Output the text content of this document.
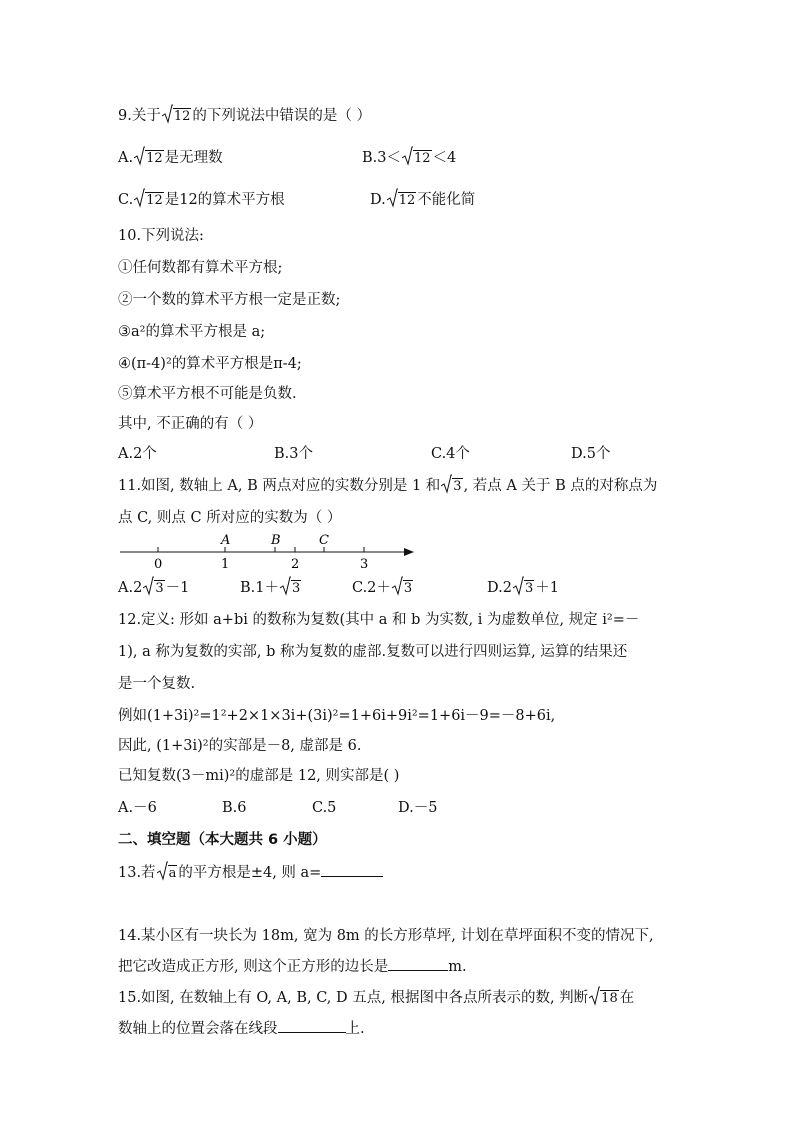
9.关于 12 的下列说法中错误的是（ ）
A. 12 是无理数	B.3＜ 12 ＜4
C. 12 是12的算术平方根	D. 12 不能化简
10.下列说法:
①任何数都有算术平方根;
②一个数的算术平方根一定是正数;
③a²的算术平方根是 a;
④(π-4)²的算术平方根是π-4;
⑤算术平方根不可能是负数.
其中, 不正确的有（ ）
A.2个	B.3个	C.4个	D.5个
11.如图, 数轴上 A, B 两点对应的实数分别是 1 和 3 , 若点 A 关于 B 点的对称点为
点 C, 则点 C 所对应的实数为（ ）
A	B	C
0	1	2	3
A.2 3 －1	B.1＋ 3	C.2＋ 3	D.2 3 ＋1
12.定义: 形如 a+bi 的数称为复数(其中 a 和 b 为实数, i 为虚数单位, 规定 i²=－
1), a 称为复数的实部, b 称为复数的虚部.复数可以进行四则运算, 运算的结果还
是一个复数.
例如(1+3i)²=1²+2×1×3i+(3i)²=1+6i+9i²=1+6i－9=－8+6i,
因此, (1+3i)²的实部是－8, 虚部是 6.
已知复数(3－mi)²的虚部是 12, 则实部是( )
A.－6	B.6	C.5	D.－5
二、填空题（本大题共 6 小题）
13.若 a 的平方根是±4, 则 a=
14.某小区有一块长为 18m, 宽为 8m 的长方形草坪, 计划在草坪面积不变的情况下,
把它改造成正方形, 则这个正方形的边长是	m.
15.如图, 在数轴上有 O, A, B, C, D 五点, 根据图中各点所表示的数, 判断 18 在
数轴上的位置会落在线段	上.
